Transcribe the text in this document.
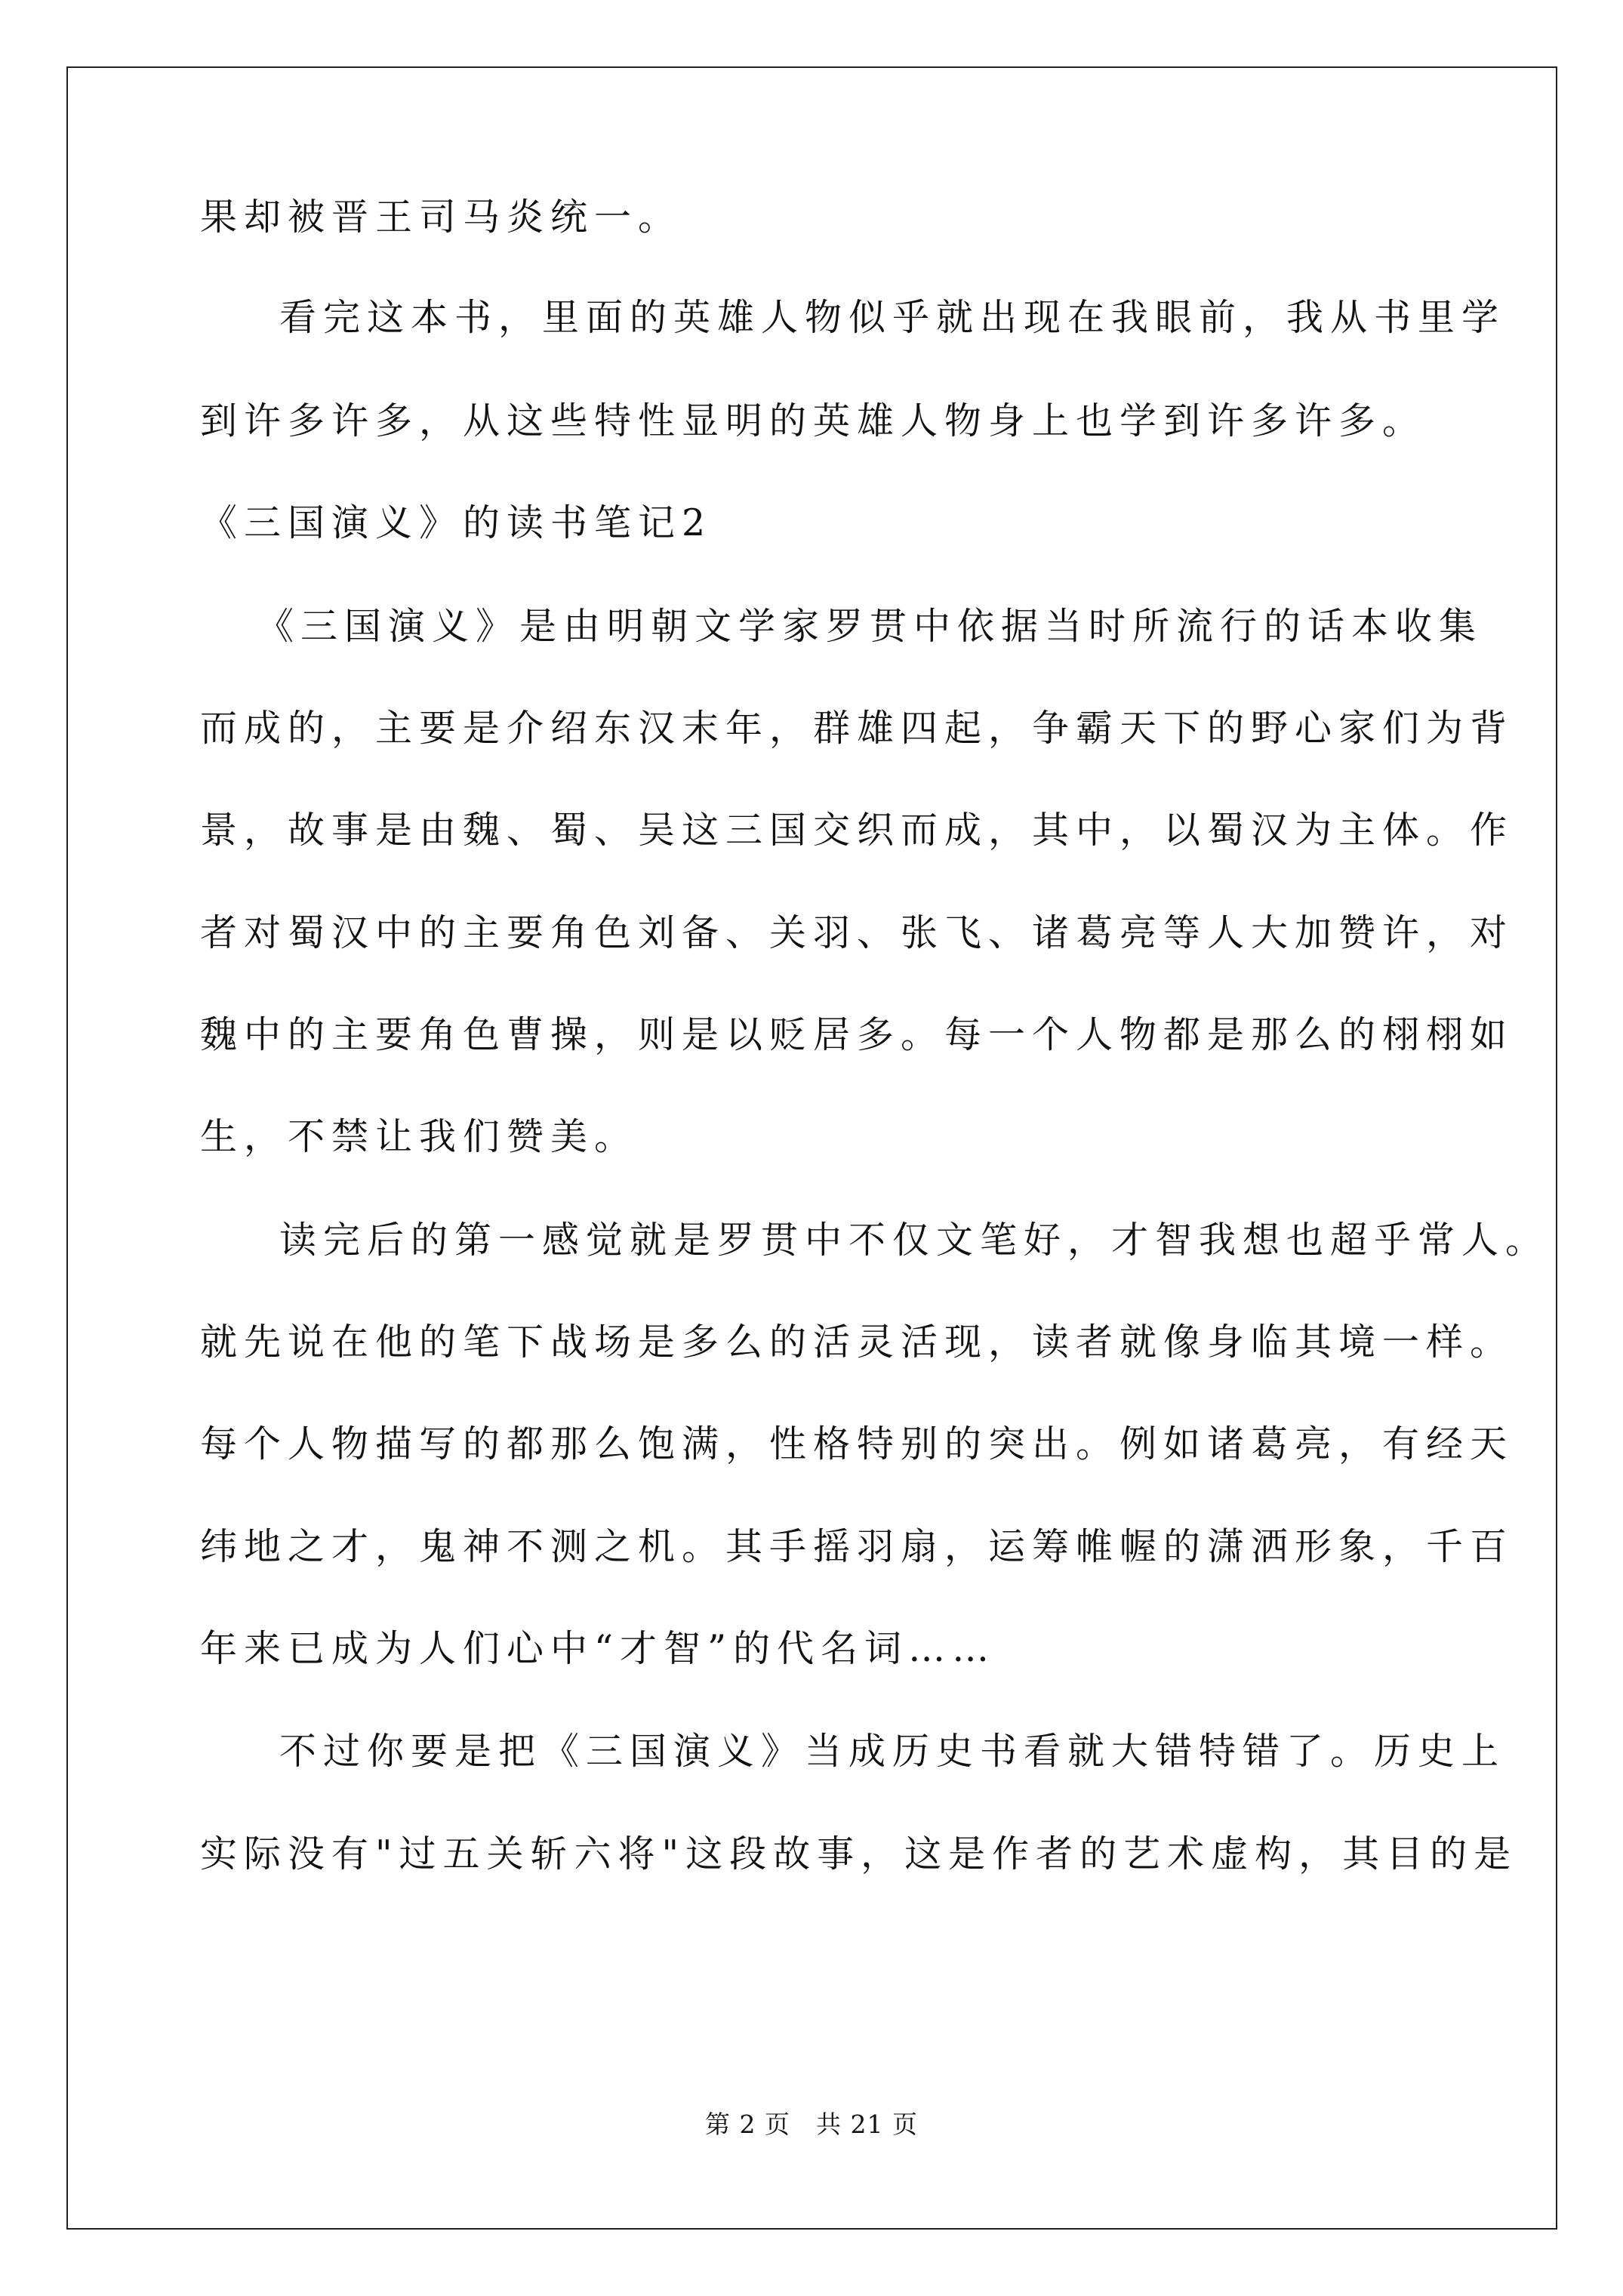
果却被晋王司马炎统一。
看完这本书，里面的英雄人物似乎就出现在我眼前，我从书里学
到许多许多，从这些特性显明的英雄人物身上也学到许多许多。
《三国演义》的读书笔记2
《三国演义》是由明朝文学家罗贯中依据当时所流行的话本收集
而成的，主要是介绍东汉末年，群雄四起，争霸天下的野心家们为背
景，故事是由魏、蜀、吴这三国交织而成，其中，以蜀汉为主体。作
者对蜀汉中的主要角色刘备、关羽、张飞、诸葛亮等人大加赞许，对
魏中的主要角色曹操，则是以贬居多。每一个人物都是那么的栩栩如
生，不禁让我们赞美。
读完后的第一感觉就是罗贯中不仅文笔好，才智我想也超乎常人。
就先说在他的笔下战场是多么的活灵活现，读者就像身临其境一样。
每个人物描写的都那么饱满，性格特别的突出。例如诸葛亮，有经天
纬地之才，鬼神不测之机。其手摇羽扇，运筹帷幄的潇洒形象，千百
年来已成为人们心中“才智”的代名词……
不过你要是把《三国演义》当成历史书看就大错特错了。历史上
实际没有"过五关斩六将"这段故事，这是作者的艺术虚构，其目的是
第 2 页　共 21 页
